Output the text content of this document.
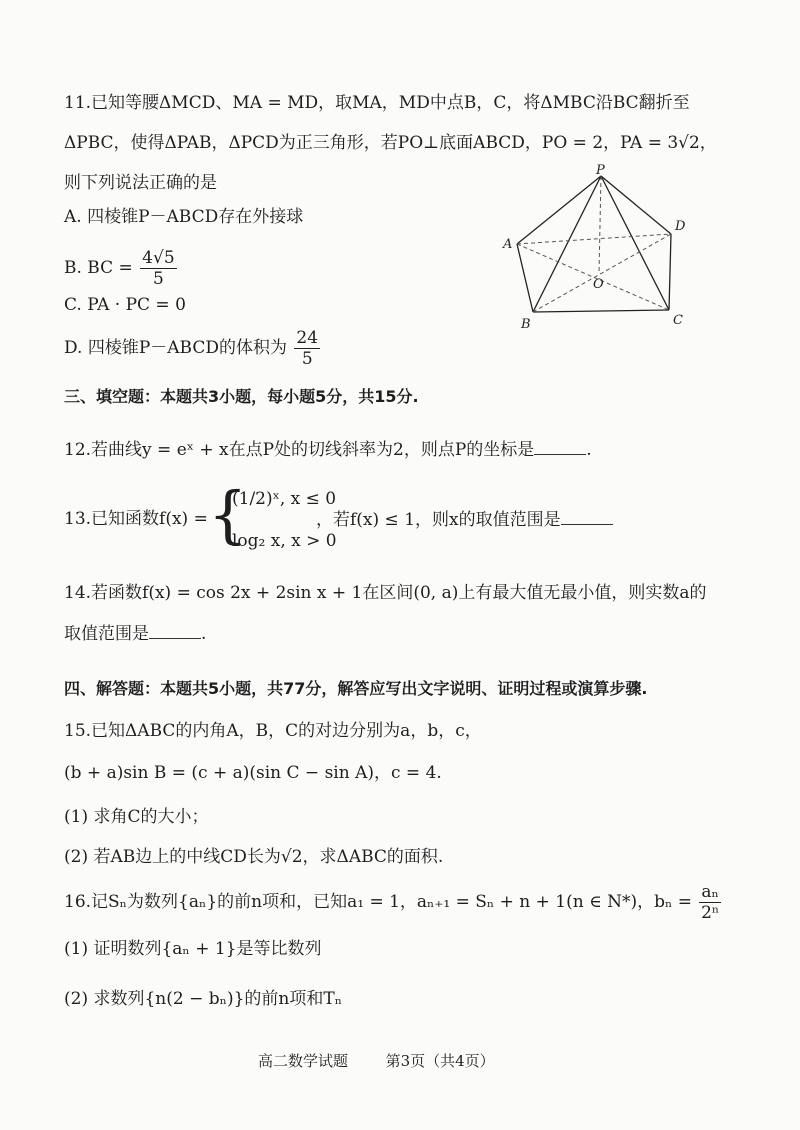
11.已知等腰ΔMCD、MA = MD，取MA，MD中点B，C，将ΔMBC沿BC翻折至
ΔPBC，使得ΔPAB，ΔPCD为正三角形，若PO⊥底面ABCD，PO = 2，PA = 3√2，
则下列说法正确的是
A. 四棱锥P－ABCD存在外接球
B. BC = $\frac{4√5}{5}$
C. PA · PC = 0
D. 四棱锥P－ABCD的体积为 $\frac{24}{5}$
P
A
B	C
D
O
三、填空题：本题共3小题，每小题5分，共15分.
12.若曲线y = eˣ + x在点P处的切线斜率为2，则点P的坐标是	.
13.已知函数f(x) = {
(1/2)ˣ, x ≤ 0
log₂ x, x > 0
，若f(x) ≤ 1，则x的取值范围是
14.若函数f(x) = cos 2x + 2sin x + 1在区间(0, a)上有最大值无最小值，则实数a的
取值范围是	.
四、解答题：本题共5小题，共77分，解答应写出文字说明、证明过程或演算步骤.
15.已知ΔABC的内角A，B，C的对边分别为a，b，c，
(b + a)sin B = (c + a)(sin C − sin A)，c = 4.
(1) 求角C的大小；
(2) 若AB边上的中线CD长为√2，求ΔABC的面积.
16.记Sₙ为数列{aₙ}的前n项和，已知a₁ = 1，aₙ₊₁ = Sₙ + n + 1(n ∈ N*)，$b_n = \frac{\text{aₙ}}{\text{2ⁿ}}$
(1) 证明数列{aₙ + 1}是等比数列
(2) 求数列{n(2 − bₙ)}的前n项和Tₙ
高二数学试题	第3页（共4页）
